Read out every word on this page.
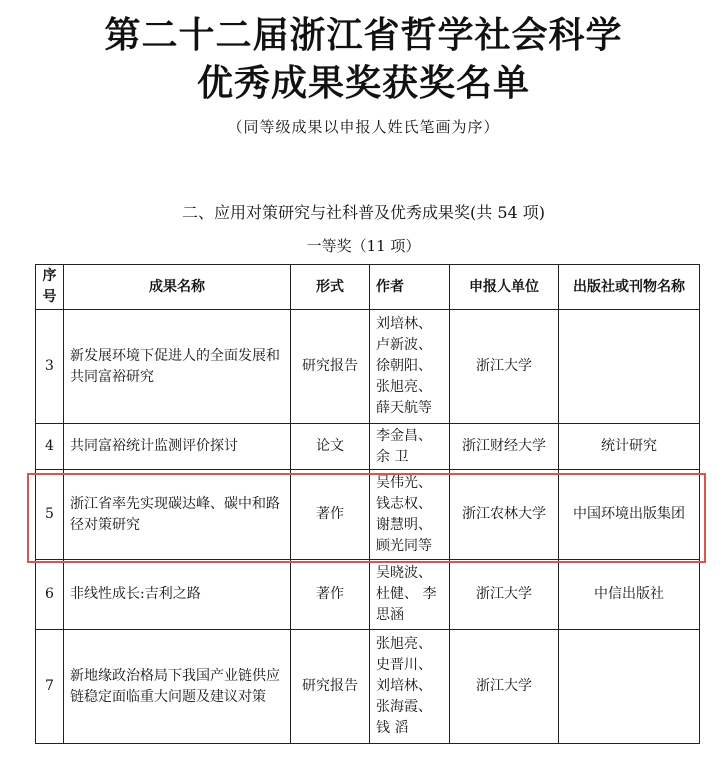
第二十二届浙江省哲学社会科学
优秀成果奖获奖名单
（同等级成果以申报人姓氏笔画为序）
二、应用对策研究与社科普及优秀成果奖(共 54 项)
一等奖（11 项）
序
号	成果名称	形式	作者	申报人单位	出版社或刊物名称
3	新发展环境下促进人的全面发展和共同富裕研究	研究报告	刘培林、
卢新波、
徐朝阳、
张旭亮、
薛天航等	浙江大学	
4	共同富裕统计监测评价探讨	论文	李金昌、
余 卫	浙江财经大学	统计研究
5	浙江省率先实现碳达峰、碳中和路径对策研究	著作	吴伟光、
钱志权、
谢慧明、
顾光同等	浙江农林大学	中国环境出版集团
6	非线性成长:吉利之路	著作	吴晓波、
杜健、 李
思涵	浙江大学	中信出版社
7	新地缘政治格局下我国产业链供应链稳定面临重大问题及建议对策	研究报告	张旭亮、
史晋川、
刘培林、
张海霞、
钱 滔	浙江大学	
